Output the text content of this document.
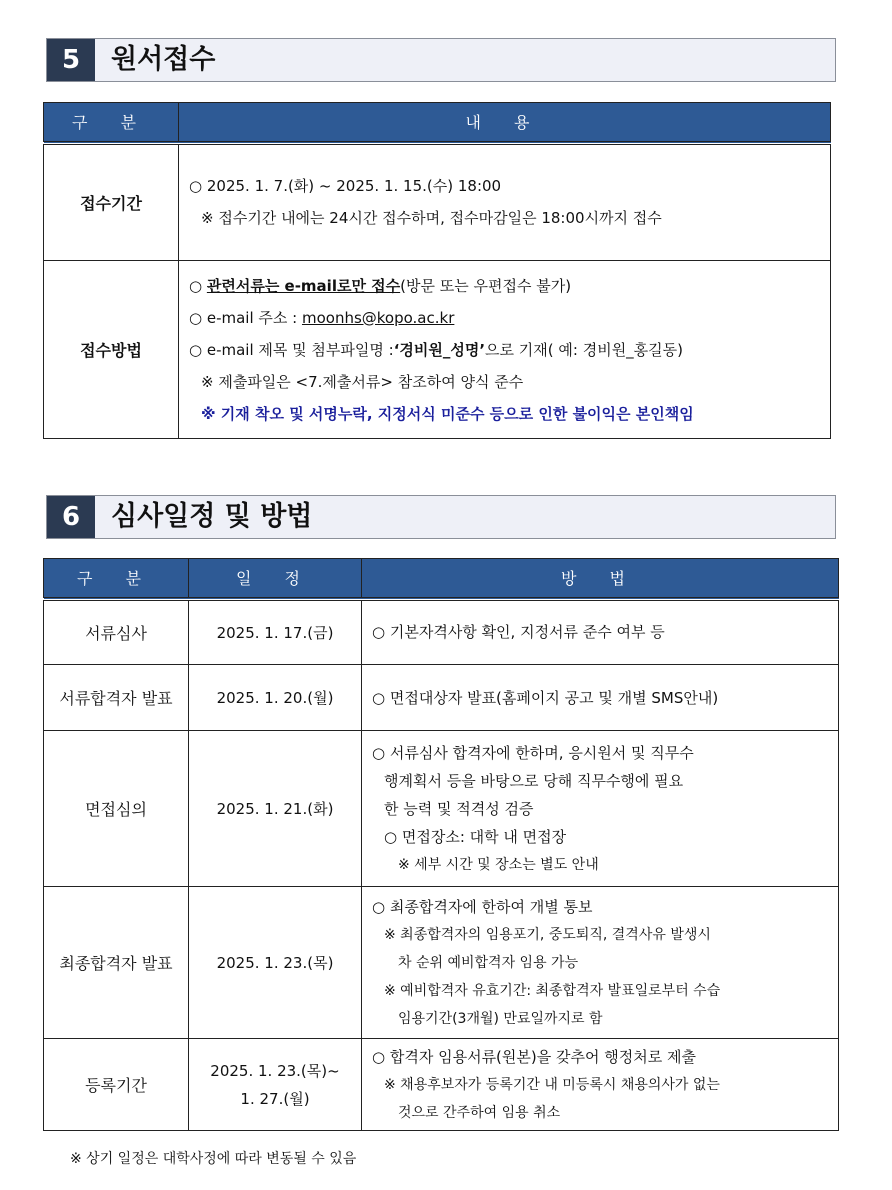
5	원서접수
구 분	내 용
접수기간	○ 2025. 1. 7.(화) ~ 2025. 1. 15.(수) 18:00
※ 접수기간 내에는 24시간 접수하며, 접수마감일은 18:00시까지 접수

접수방법	○ 관련서류는 e-mail로만 접수(방문 또는 우편접수 불가)
○ e-mail 주소 : moonhs@kopo.ac.kr
○ e-mail 제목 및 첨부파일명 :‘경비원_성명’으로 기재( 예: 경비원_홍길동)
※ 제출파일은 <7.제출서류> 참조하여 양식 준수
※ 기재 착오 및 서명누락, 지정서식 미준수 등으로 인한 불이익은 본인책임
6	심사일정 및 방법
구 분	일 정	방 법
서류심사	2025. 1. 17.(금)	○ 기본자격사항 확인, 지정서류 준수 여부 등

서류합격자 발표	2025. 1. 20.(월)	○ 면접대상자 발표(홈페이지 공고 및 개별 SMS안내)

면접심의	2025. 1. 21.(화)	○ 서류심사 합격자에 한하며, 응시원서 및 직무수
행계획서 등을 바탕으로 당해 직무수행에 필요
한 능력 및 적격성 검증
○ 면접장소: 대학 내 면접장
※ 세부 시간 및 장소는 별도 안내

최종합격자 발표	2025. 1. 23.(목)	○ 최종합격자에 한하여 개별 통보
※ 최종합격자의 임용포기, 중도퇴직, 결격사유 발생시
차 순위 예비합격자 임용 가능
※ 예비합격자 유효기간: 최종합격자 발표일로부터 수습
임용기간(3개월) 만료일까지로 함

등록기간	2025. 1. 23.(목)~
1. 27.(월)	○ 합격자 임용서류(원본)을 갖추어 행정처로 제출
※ 채용후보자가 등록기간 내 미등록시 채용의사가 없는
것으로 간주하여 임용 취소
※ 상기 일정은 대학사정에 따라 변동될 수 있음
